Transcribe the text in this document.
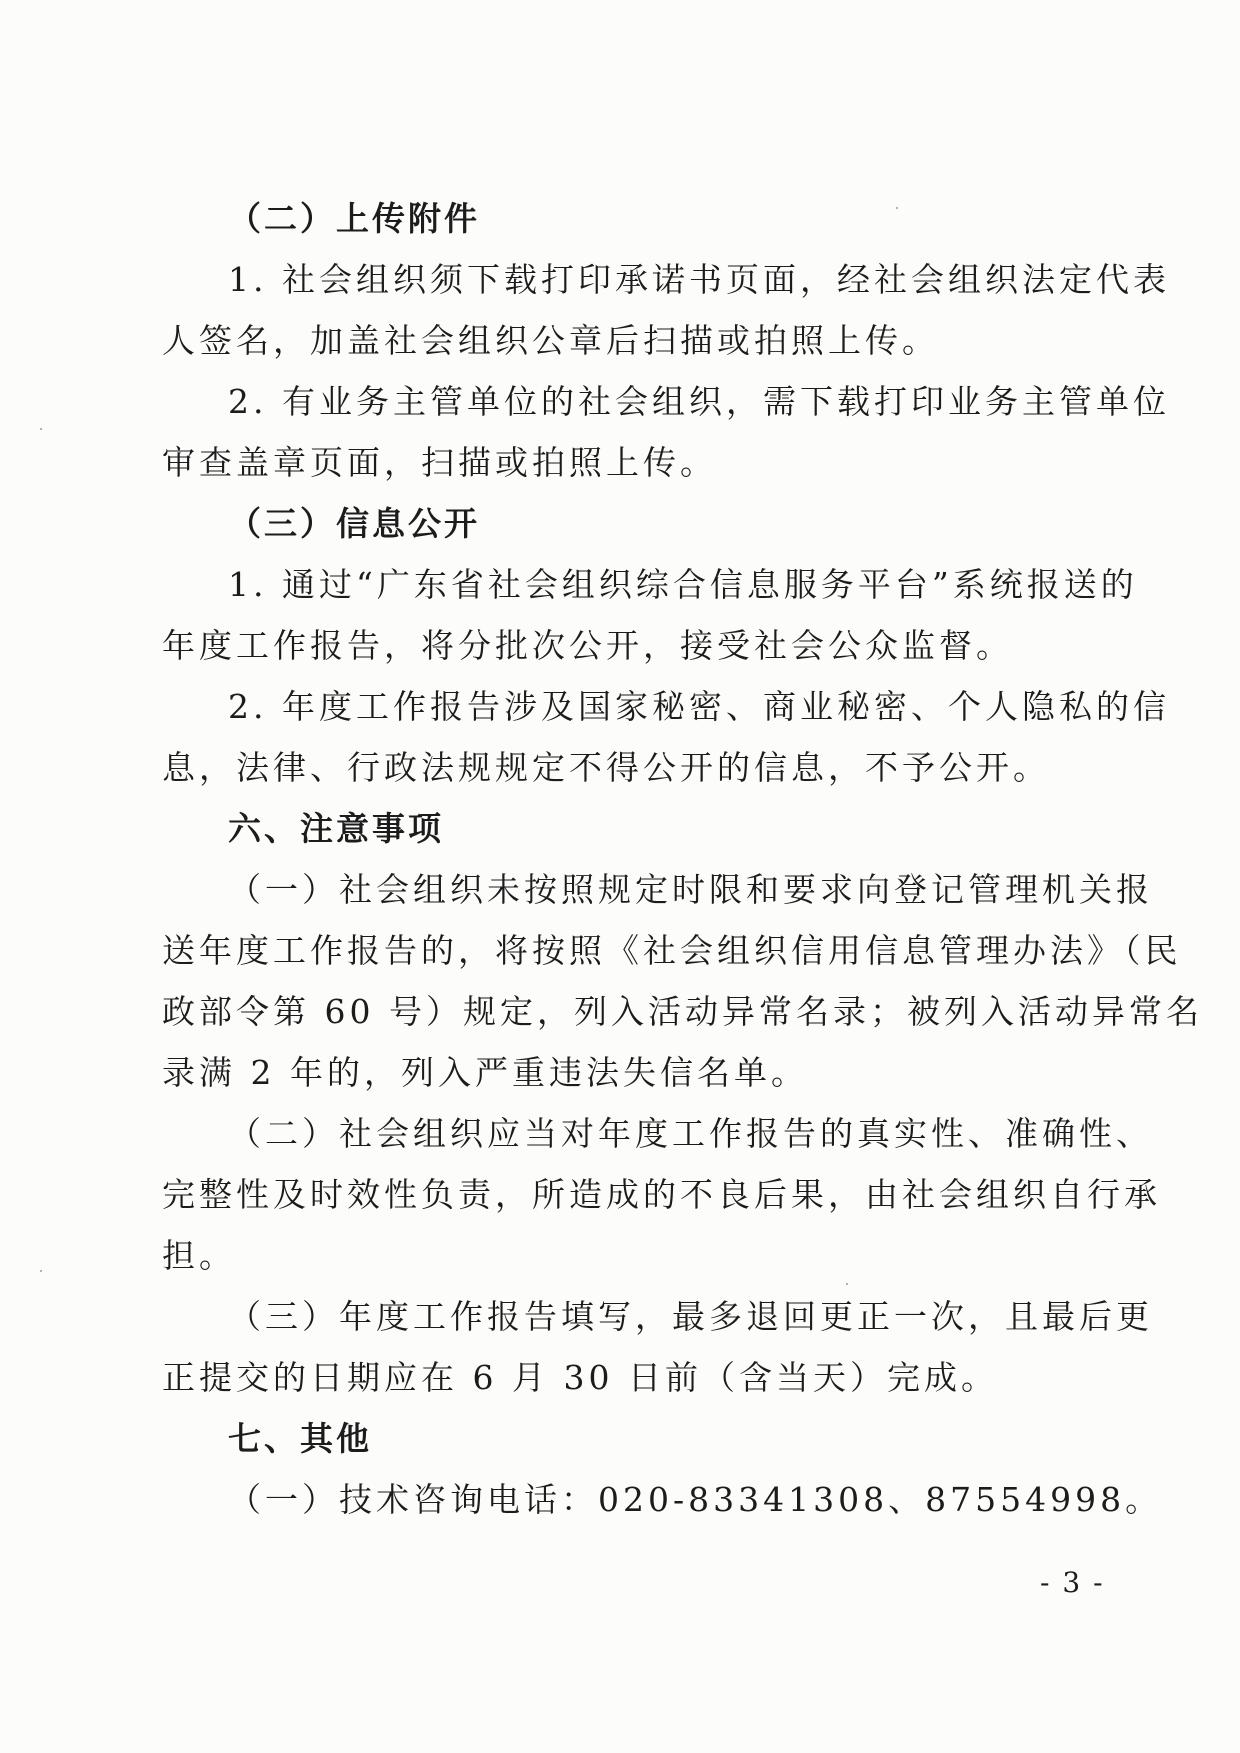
（二）上传附件
1. 社会组织须下载打印承诺书页面，经社会组织法定代表
人签名，加盖社会组织公章后扫描或拍照上传。
2. 有业务主管单位的社会组织，需下载打印业务主管单位
审查盖章页面，扫描或拍照上传。
（三）信息公开
1. 通过“广东省社会组织综合信息服务平台”系统报送的
年度工作报告，将分批次公开，接受社会公众监督。
2. 年度工作报告涉及国家秘密、商业秘密、个人隐私的信
息，法律、行政法规规定不得公开的信息，不予公开。
六、注意事项
（一）社会组织未按照规定时限和要求向登记管理机关报
送年度工作报告的，将按照《社会组织信用信息管理办法》（民
政部令第 60 号）规定，列入活动异常名录；被列入活动异常名
录满 2 年的，列入严重违法失信名单。
（二）社会组织应当对年度工作报告的真实性、准确性、
完整性及时效性负责，所造成的不良后果，由社会组织自行承
担。
（三）年度工作报告填写，最多退回更正一次，且最后更
正提交的日期应在 6 月 30 日前（含当天）完成。
七、其他
（一）技术咨询电话：020-83341308、87554998。
- 3 -
